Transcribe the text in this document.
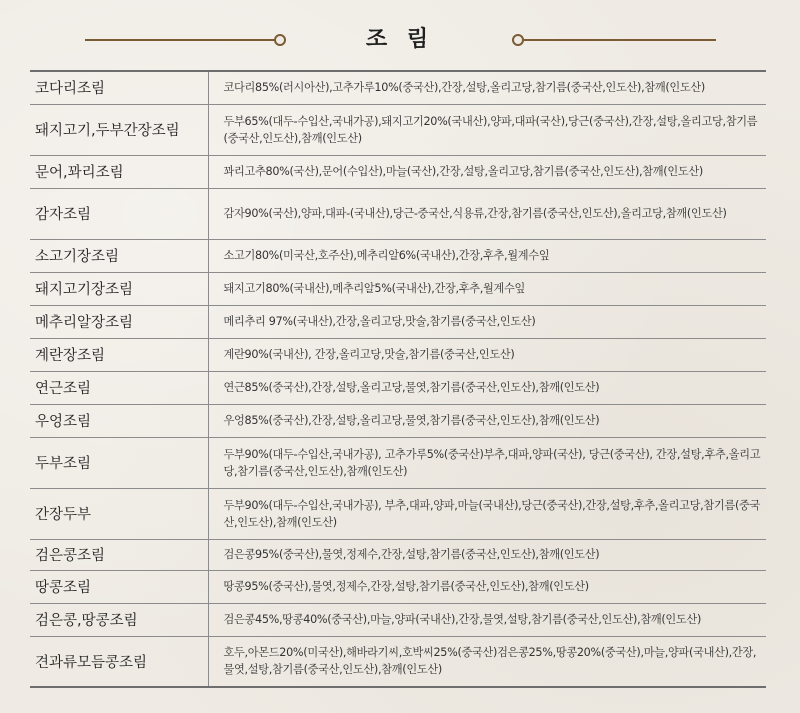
조 림
코다리조림	코다리85%(러시아산),고추가루10%(중국산),간장,설탕,올리고당,참기름(중국산,인도산),참깨(인도산)
돼지고기,두부간장조림	두부65%(대두-수입산,국내가공),돼지고기20%(국내산),양파,대파(국산),당근(중국산),간장,설탕,올리고당,참기름(중국산,인도산),참깨(인도산)
문어,꽈리조림	꽈리고추80%(국산),문어(수입산),마늘(국산),간장,설탕,올리고당,참기름(중국산,인도산),참깨(인도산)
감자조림	감자90%(국산),양파,대파-(국내산),당근-중국산,식용류,간장,참기름(중국산,인도산),올리고당,참깨(인도산)
소고기장조림	소고기80%(미국산,호주산),메추리알6%(국내산),간장,후추,월계수잎
돼지고기장조림	돼지고기80%(국내산),메추리알5%(국내산),간장,후추,월계수잎
메추리알장조림	메리추리 97%(국내산),간장,올리고당,맛술,참기름(중국산,인도산)
계란장조림	계란90%(국내산), 간장,올리고당,맛술,참기름(중국산,인도산)
연근조림	연근85%(중국산),간장,설탕,올리고당,물엿,참기름(중국산,인도산),참깨(인도산)
우엉조림	우엉85%(중국산),간장,설탕,올리고당,물엿,참기름(중국산,인도산),참깨(인도산)
두부조림	두부90%(대두-수입산,국내가공), 고추가루5%(중국산)부추,대파,양파(국산), 당근(중국산), 간장,설탕,후추,올리고당,참기름(중국산,인도산),참깨(인도산)
간장두부	두부90%(대두-수입산,국내가공), 부추,대파,양파,마늘(국내산),당근(중국산),간장,설탕,후추,올리고당,참기름(중국산,인도산),참깨(인도산)
검은콩조림	검은콩95%(중국산),물엿,정제수,간장,설탕,참기름(중국산,인도산),참깨(인도산)
땅콩조림	땅콩95%(중국산),물엿,정제수,간장,설탕,참기름(중국산,인도산),참깨(인도산)
검은콩,땅콩조림	검은콩45%,땅콩40%(중국산),마늘,양파(국내산),간장,물엿,설탕,참기름(중국산,인도산),참깨(인도산)
견과류모듬콩조림	호두,아몬드20%(미국산),해바라기씨,호박씨25%(중국산)검은콩25%,땅콩20%(중국산),마늘,양파(국내산),간장,물엿,설탕,참기름(중국산,인도산),참깨(인도산)
